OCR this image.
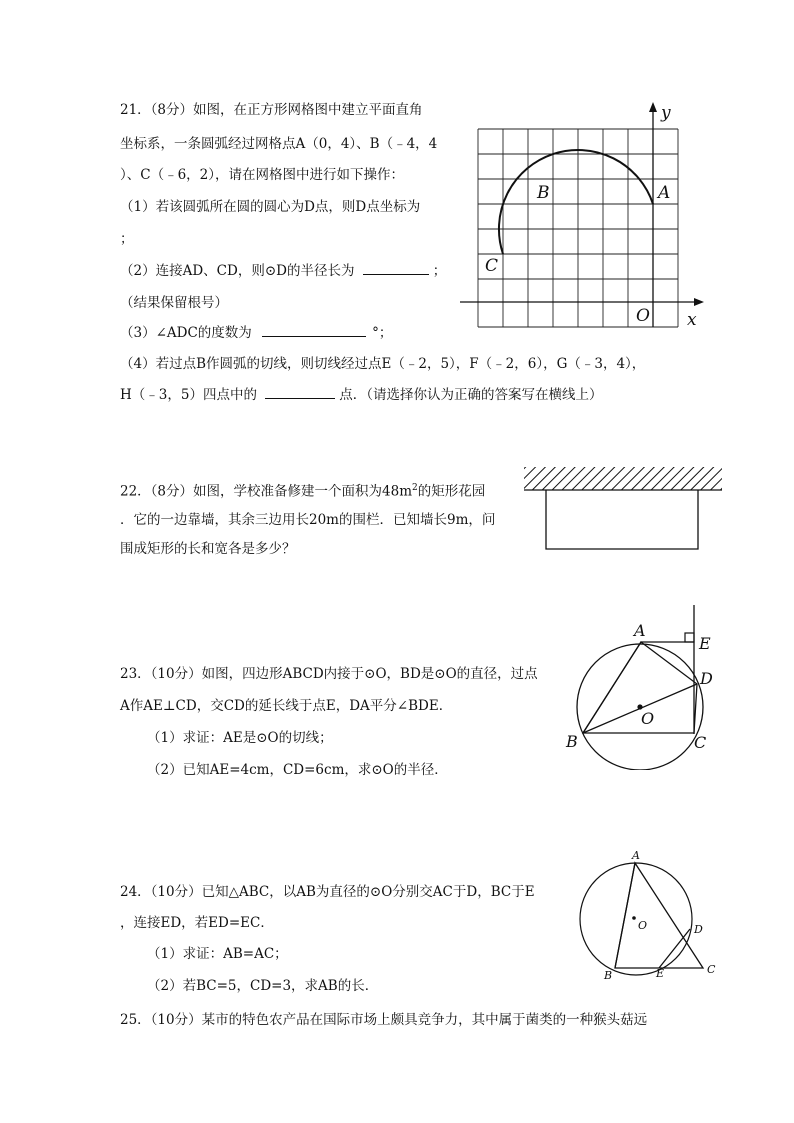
21．（8分）如图，在正方形网格图中建立平面直角
坐标系，一条圆弧经过网格点A（0，4）、B（﹣4，4
）、C（﹣6，2），请在网格图中进行如下操作：
（1）若该圆弧所在圆的圆心为D点，则D点坐标为
；
（2）连接AD、CD，则⊙D的半径长为	；
（结果保留根号）
（3）∠ADC的度数为	°；
（4）若过点B作圆弧的切线，则切线经过点E（﹣2，5），F（﹣2，6），G（﹣3，4），
H（﹣3，5）四点中的	点．（请选择你认为正确的答案写在横线上）
y
x
O
A
B
C
22．（8分）如图，学校准备修建一个面积为$48m^2$的矩形花园
．它的一边靠墙，其余三边用长20m的围栏．已知墙长9m，问
围成矩形的长和宽各是多少？
23．（10分）如图，四边形ABCD内接于⊙O，BD是⊙O的直径，过点
A作AE⊥CD，交CD的延长线于点E，DA平分∠BDE．
（1）求证：AE是⊙O的切线；
（2）已知AE=4cm，CD=6cm，求⊙O的半径．
A
E
D
O
B	C
24．（10分）已知△ABC，以AB为直径的⊙O分别交AC于D，BC于E
，连接ED，若ED=EC．
（1）求证：AB=AC；
（2）若BC=5，CD=3，求AB的长．
A
O	D
B	E	C
25．（10分）某市的特色农产品在国际市场上颇具竞争力，其中属于菌类的一种猴头菇远
